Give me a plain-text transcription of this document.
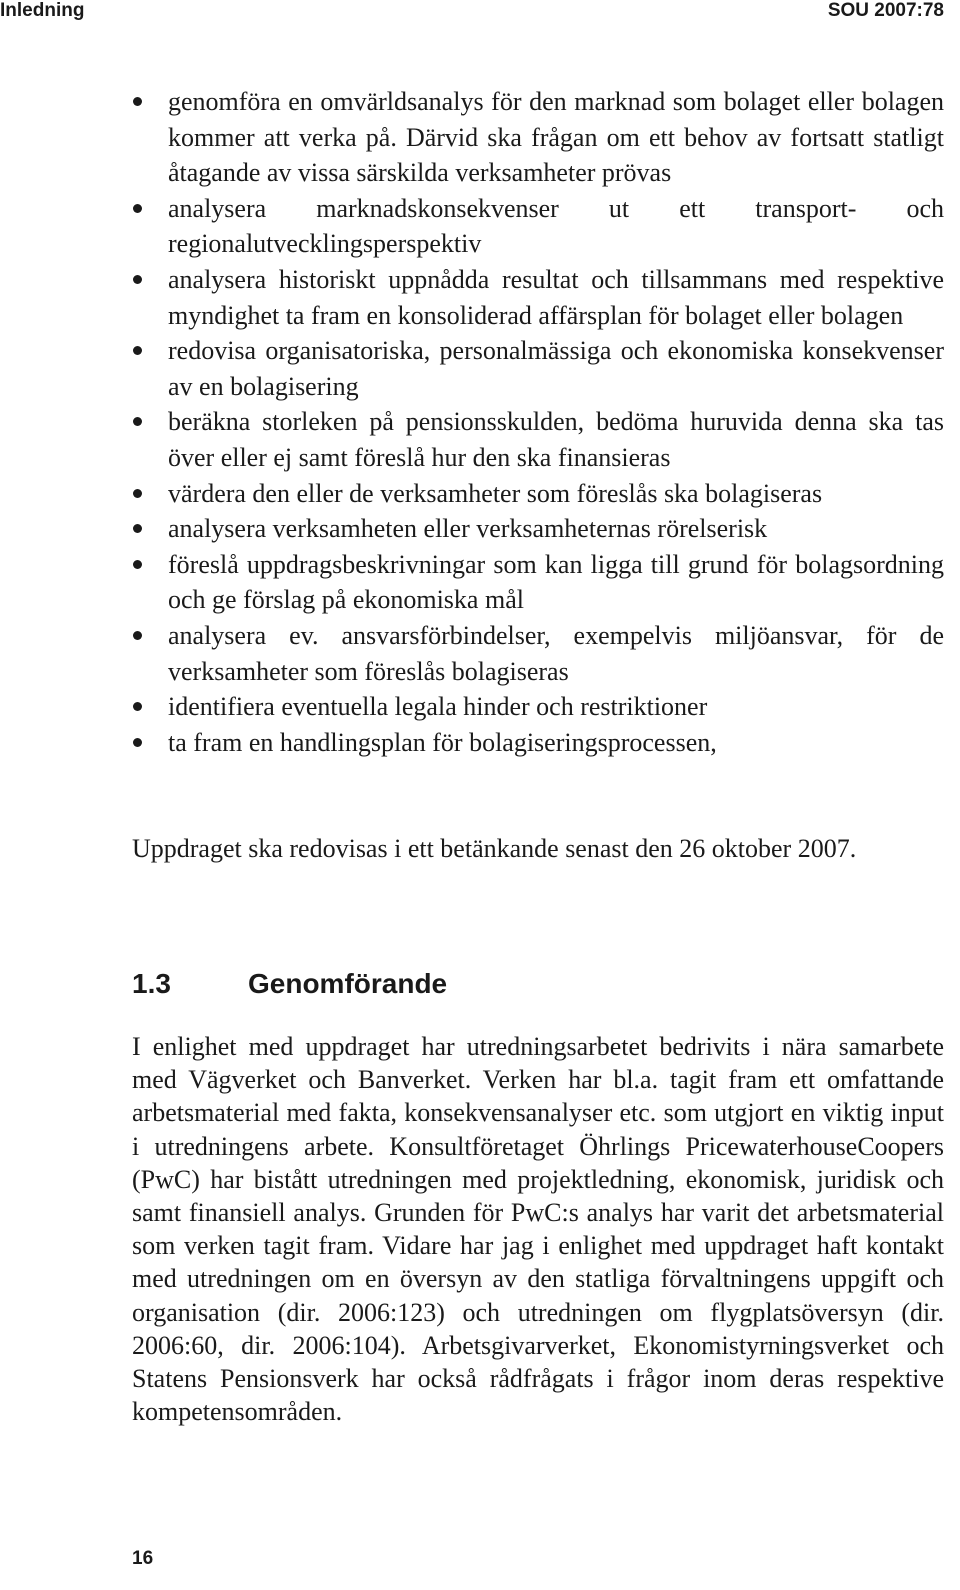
Inledning	SOU 2007:78
genomföra en omvärldsanalys för den marknad som bolaget eller bolagen kommer att verka på. Därvid ska frågan om ett behov av fortsatt statligt åtagande av vissa särskilda verksamheter prövas
analysera marknadskonsekvenser ut ett transport- och regionalutvecklingsperspektiv
analysera historiskt uppnådda resultat och tillsammans med respektive myndighet ta fram en konsoliderad affärsplan för bolaget eller bolagen
redovisa organisatoriska, personalmässiga och ekonomiska konsekvenser av en bolagisering
beräkna storleken på pensionsskulden, bedöma huruvida denna ska tas över eller ej samt föreslå hur den ska finansieras
värdera den eller de verksamheter som föreslås ska bolagiseras
analysera verksamheten eller verksamheternas rörelserisk
föreslå uppdragsbeskrivningar som kan ligga till grund för bolagsordning och ge förslag på ekonomiska mål
analysera ev. ansvarsförbindelser, exempelvis miljöansvar, för de verksamheter som föreslås bolagiseras
identifiera eventuella legala hinder och restriktioner
ta fram en handlingsplan för bolagiseringsprocessen,

Uppdraget ska redovisas i ett betänkande senast den 26 oktober 2007.

1.3	Genomförande

I enlighet med uppdraget har utredningsarbetet bedrivits i nära samarbete med Vägverket och Banverket. Verken har bl.a. tagit fram ett omfattande arbetsmaterial med fakta, konsekvensanalyser etc. som utgjort en viktig input i utredningens arbete. Konsultföretaget Öhrlings PricewaterhouseCoopers (PwC) har bistått utredningen med projektledning, ekonomisk, juridisk och samt finansiell analys. Grunden för PwC:s analys har varit det arbetsmaterial som verken tagit fram. Vidare har jag i enlighet med uppdraget haft kontakt med utredningen om en översyn av den statliga förvaltningens uppgift och organisation (dir. 2006:123) och utredningen om flygplatsöversyn (dir. 2006:60, dir. 2006:104). Arbetsgivarverket, Ekonomistyrningsverket och Statens Pensionsverk har också rådfrågats i frågor inom deras respektive kompetensområden.

16
